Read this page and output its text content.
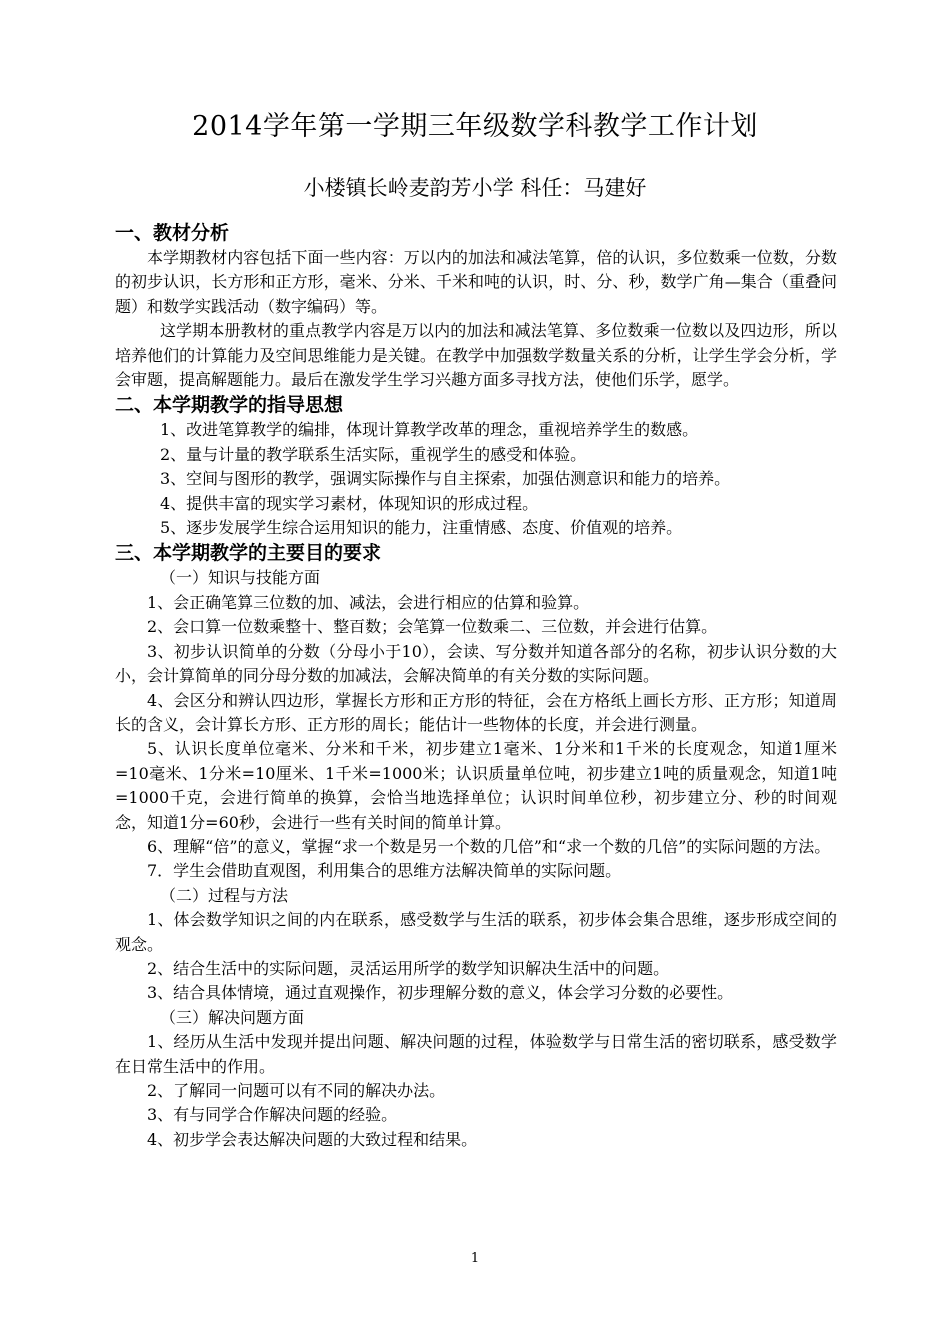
2014学年第一学期三年级数学科教学工作计划
小楼镇长岭麦韵芳小学 科任：马建好
一、教材分析

本学期教材内容包括下面一些内容：万以内的加法和减法笔算，倍的认识，多位数乘一位数，分数的初步认识，长方形和正方形，毫米、分米、千米和吨的认识，时、分、秒，数学广角—集合（重叠问题）和数学实践活动（数字编码）等。

这学期本册教材的重点教学内容是万以内的加法和减法笔算、多位数乘一位数以及四边形，所以培养他们的计算能力及空间思维能力是关键。在教学中加强数学数量关系的分析，让学生学会分析，学会审题，提高解题能力。最后在激发学生学习兴趣方面多寻找方法，使他们乐学，愿学。

二、本学期教学的指导思想

1、改进笔算教学的编排，体现计算教学改革的理念，重视培养学生的数感。

2、量与计量的教学联系生活实际，重视学生的感受和体验。

3、空间与图形的教学，强调实际操作与自主探索，加强估测意识和能力的培养。

4、提供丰富的现实学习素材，体现知识的形成过程。

5、逐步发展学生综合运用知识的能力，注重情感、态度、价值观的培养。

三、本学期教学的主要目的要求

（一）知识与技能方面

1、会正确笔算三位数的加、减法，会进行相应的估算和验算。

2、会口算一位数乘整十、整百数；会笔算一位数乘二、三位数，并会进行估算。

3、初步认识简单的分数（分母小于10），会读、写分数并知道各部分的名称，初步认识分数的大小，会计算简单的同分母分数的加减法，会解决简单的有关分数的实际问题。

4、会区分和辨认四边形，掌握长方形和正方形的特征，会在方格纸上画长方形、正方形；知道周长的含义，会计算长方形、正方形的周长；能估计一些物体的长度，并会进行测量。

5、认识长度单位毫米、分米和千米，初步建立1毫米、1分米和1千米的长度观念，知道1厘米=10毫米、1分米=10厘米、1千米=1000米；认识质量单位吨，初步建立1吨的质量观念，知道1吨=1000千克，会进行简单的换算，会恰当地选择单位；认识时间单位秒，初步建立分、秒的时间观念，知道1分=60秒，会进行一些有关时间的简单计算。

6、理解“倍”的意义，掌握“求一个数是另一个数的几倍”和“求一个数的几倍”的实际问题的方法。

7．学生会借助直观图，利用集合的思维方法解决简单的实际问题。

（二）过程与方法

1、体会数学知识之间的内在联系，感受数学与生活的联系，初步体会集合思维，逐步形成空间的观念。

2、结合生活中的实际问题，灵活运用所学的数学知识解决生活中的问题。

3、结合具体情境，通过直观操作，初步理解分数的意义，体会学习分数的必要性。

（三）解决问题方面

1、经历从生活中发现并提出问题、解决问题的过程，体验数学与日常生活的密切联系，感受数学在日常生活中的作用。

2、了解同一问题可以有不同的解决办法。

3、有与同学合作解决问题的经验。

4、初步学会表达解决问题的大致过程和结果。

1
